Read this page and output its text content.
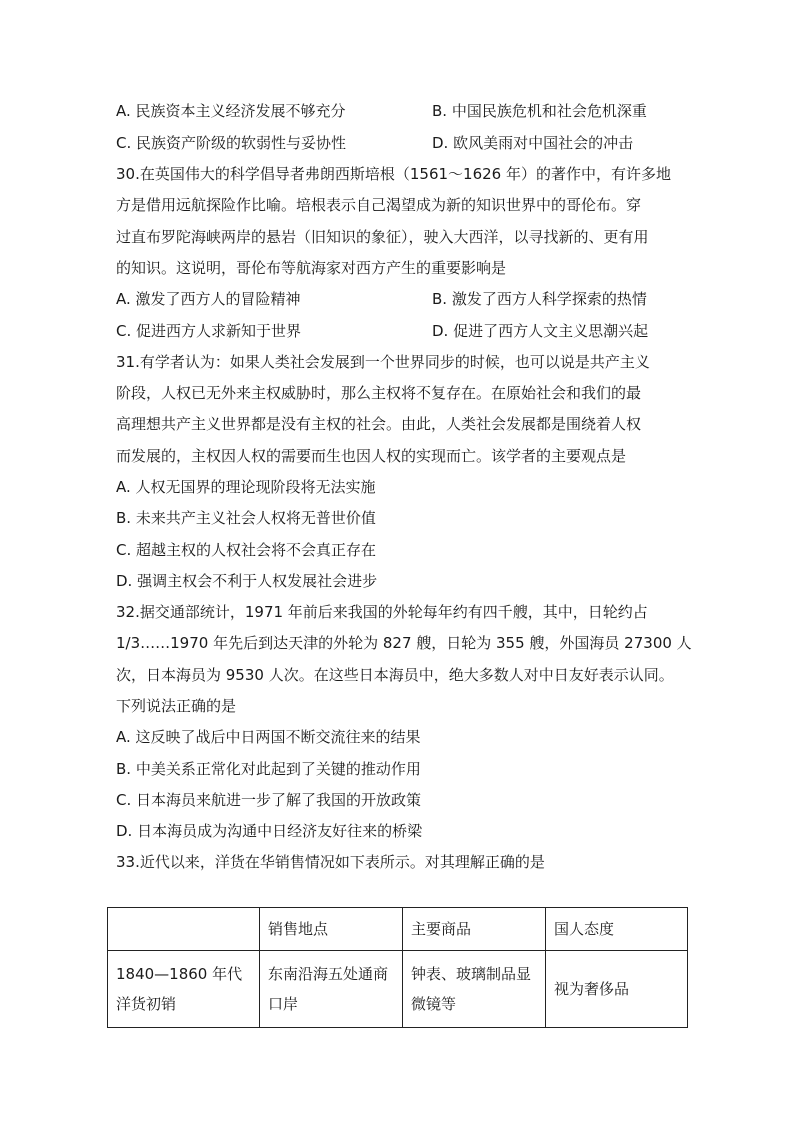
A. 民族资本主义经济发展不够充分	B. 中国民族危机和社会危机深重
C. 民族资产阶级的软弱性与妥协性	D. 欧风美雨对中国社会的冲击
30.在英国伟大的科学倡导者弗朗西斯培根（1561～1626 年）的著作中，有许多地
方是借用远航探险作比喻。培根表示自己渴望成为新的知识世界中的哥伦布。穿
过直布罗陀海峡两岸的悬岩（旧知识的象征），驶入大西洋，以寻找新的、更有用
的知识。这说明，哥伦布等航海家对西方产生的重要影响是
A. 激发了西方人的冒险精神	B. 激发了西方人科学探索的热情
C. 促进西方人求新知于世界	D. 促进了西方人文主义思潮兴起
31.有学者认为：如果人类社会发展到一个世界同步的时候，也可以说是共产主义
阶段，人权已无外来主权威胁时，那么主权将不复存在。在原始社会和我们的最
高理想共产主义世界都是没有主权的社会。由此，人类社会发展都是围绕着人权
而发展的，主权因人权的需要而生也因人权的实现而亡。该学者的主要观点是
A. 人权无国界的理论现阶段将无法实施
B. 未来共产主义社会人权将无普世价值
C. 超越主权的人权社会将不会真正存在
D. 强调主权会不利于人权发展社会进步
32.据交通部统计，1971 年前后来我国的外轮每年约有四千艘，其中，日轮约占
1/3……1970 年先后到达天津的外轮为 827 艘，日轮为 355 艘，外国海员 27300 人
次，日本海员为 9530 人次。在这些日本海员中，绝大多数人对中日友好表示认同。
下列说法正确的是
A. 这反映了战后中日两国不断交流往来的结果
B. 中美关系正常化对此起到了关键的推动作用
C. 日本海员来航进一步了解了我国的开放政策
D. 日本海员成为沟通中日经济友好往来的桥梁
33.近代以来，洋货在华销售情况如下表所示。对其理解正确的是
	销售地点	主要商品	国人态度
1840—1860 年代洋货初销	东南沿海五处通商口岸	钟表、玻璃制品显微镜等	视为奢侈品
